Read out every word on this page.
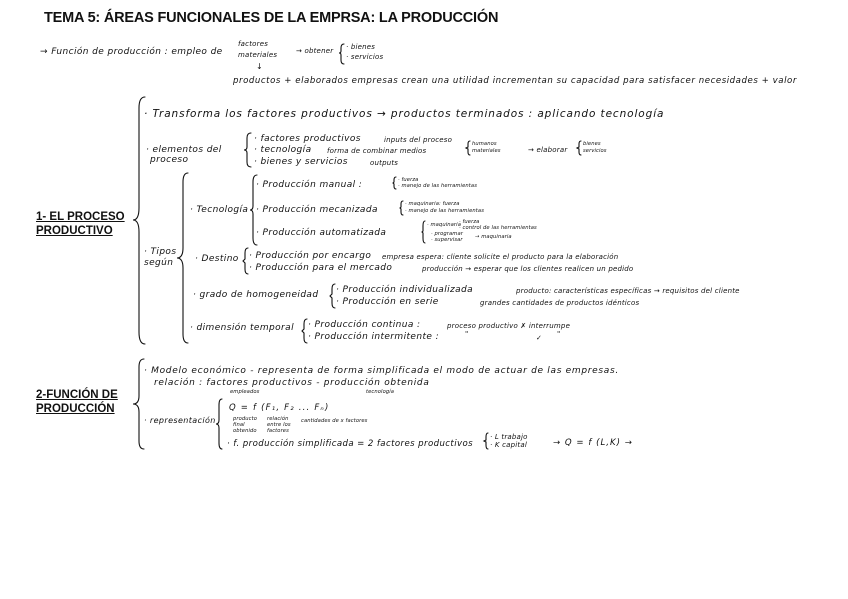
TEMA 5: ÁREAS FUNCIONALES DE LA EMPRSA: LA PRODUCCIÓN
→ Función de producción : empleo de
factores
materiales	→ obtener · bienes
· servicios
↓
productos + elaborados empresas crean una utilidad incrementan su capacidad para satisfacer necesidades + valor
1- EL PROCESO
PRODUCTIVO
· Transforma los factores productivos → productos terminados : aplicando tecnología
· elementos del
proceso
· factores productivos	inputs del proceso
· tecnología forma de combinar medios
humanos
materiales	→ elaborar
bienes
servicios
· bienes y servicios	outputs
· Tipos
según
· Tecnología
· Producción manual :	· fuerza
· manejo de las herramientas
· Producción mecanizada
· maquinaria: fuerza
· manejo de las herramientas
· Producción automatizada
· maquinaria
· fuerza
· control de las herramientas
· programar
· supervisar → maquinaria
· Destino · Producción por encargo empresa espera: cliente solicite el producto para la elaboración
· Producción para el mercado	producción → esperar que los clientes realicen un pedido
· grado de homogeneidad · Producción individualizada	producto: características específicas → requisitos del cliente
· Producción en serie	grandes cantidades de productos idénticos
· dimensión temporal · Producción continua :	proceso productivo ✗ interrumpe
· Producción intermitente :	"	✓ "
2-FUNCIÓN DE
PRODUCCIÓN
· Modelo económico - representa de forma simplificada el modo de actuar de las empresas.
relación : factores productivos - producción obtenida
empleados	tecnología
· representación
Q = f (F₁, F₂ ... Fₙ)
producto
final
obtenido
relación
entre los
factores
cantidades de x factores
· f. producción simplificada = 2 factores productivos
· L trabajo
· K capital	→ Q = f (L,K) →
